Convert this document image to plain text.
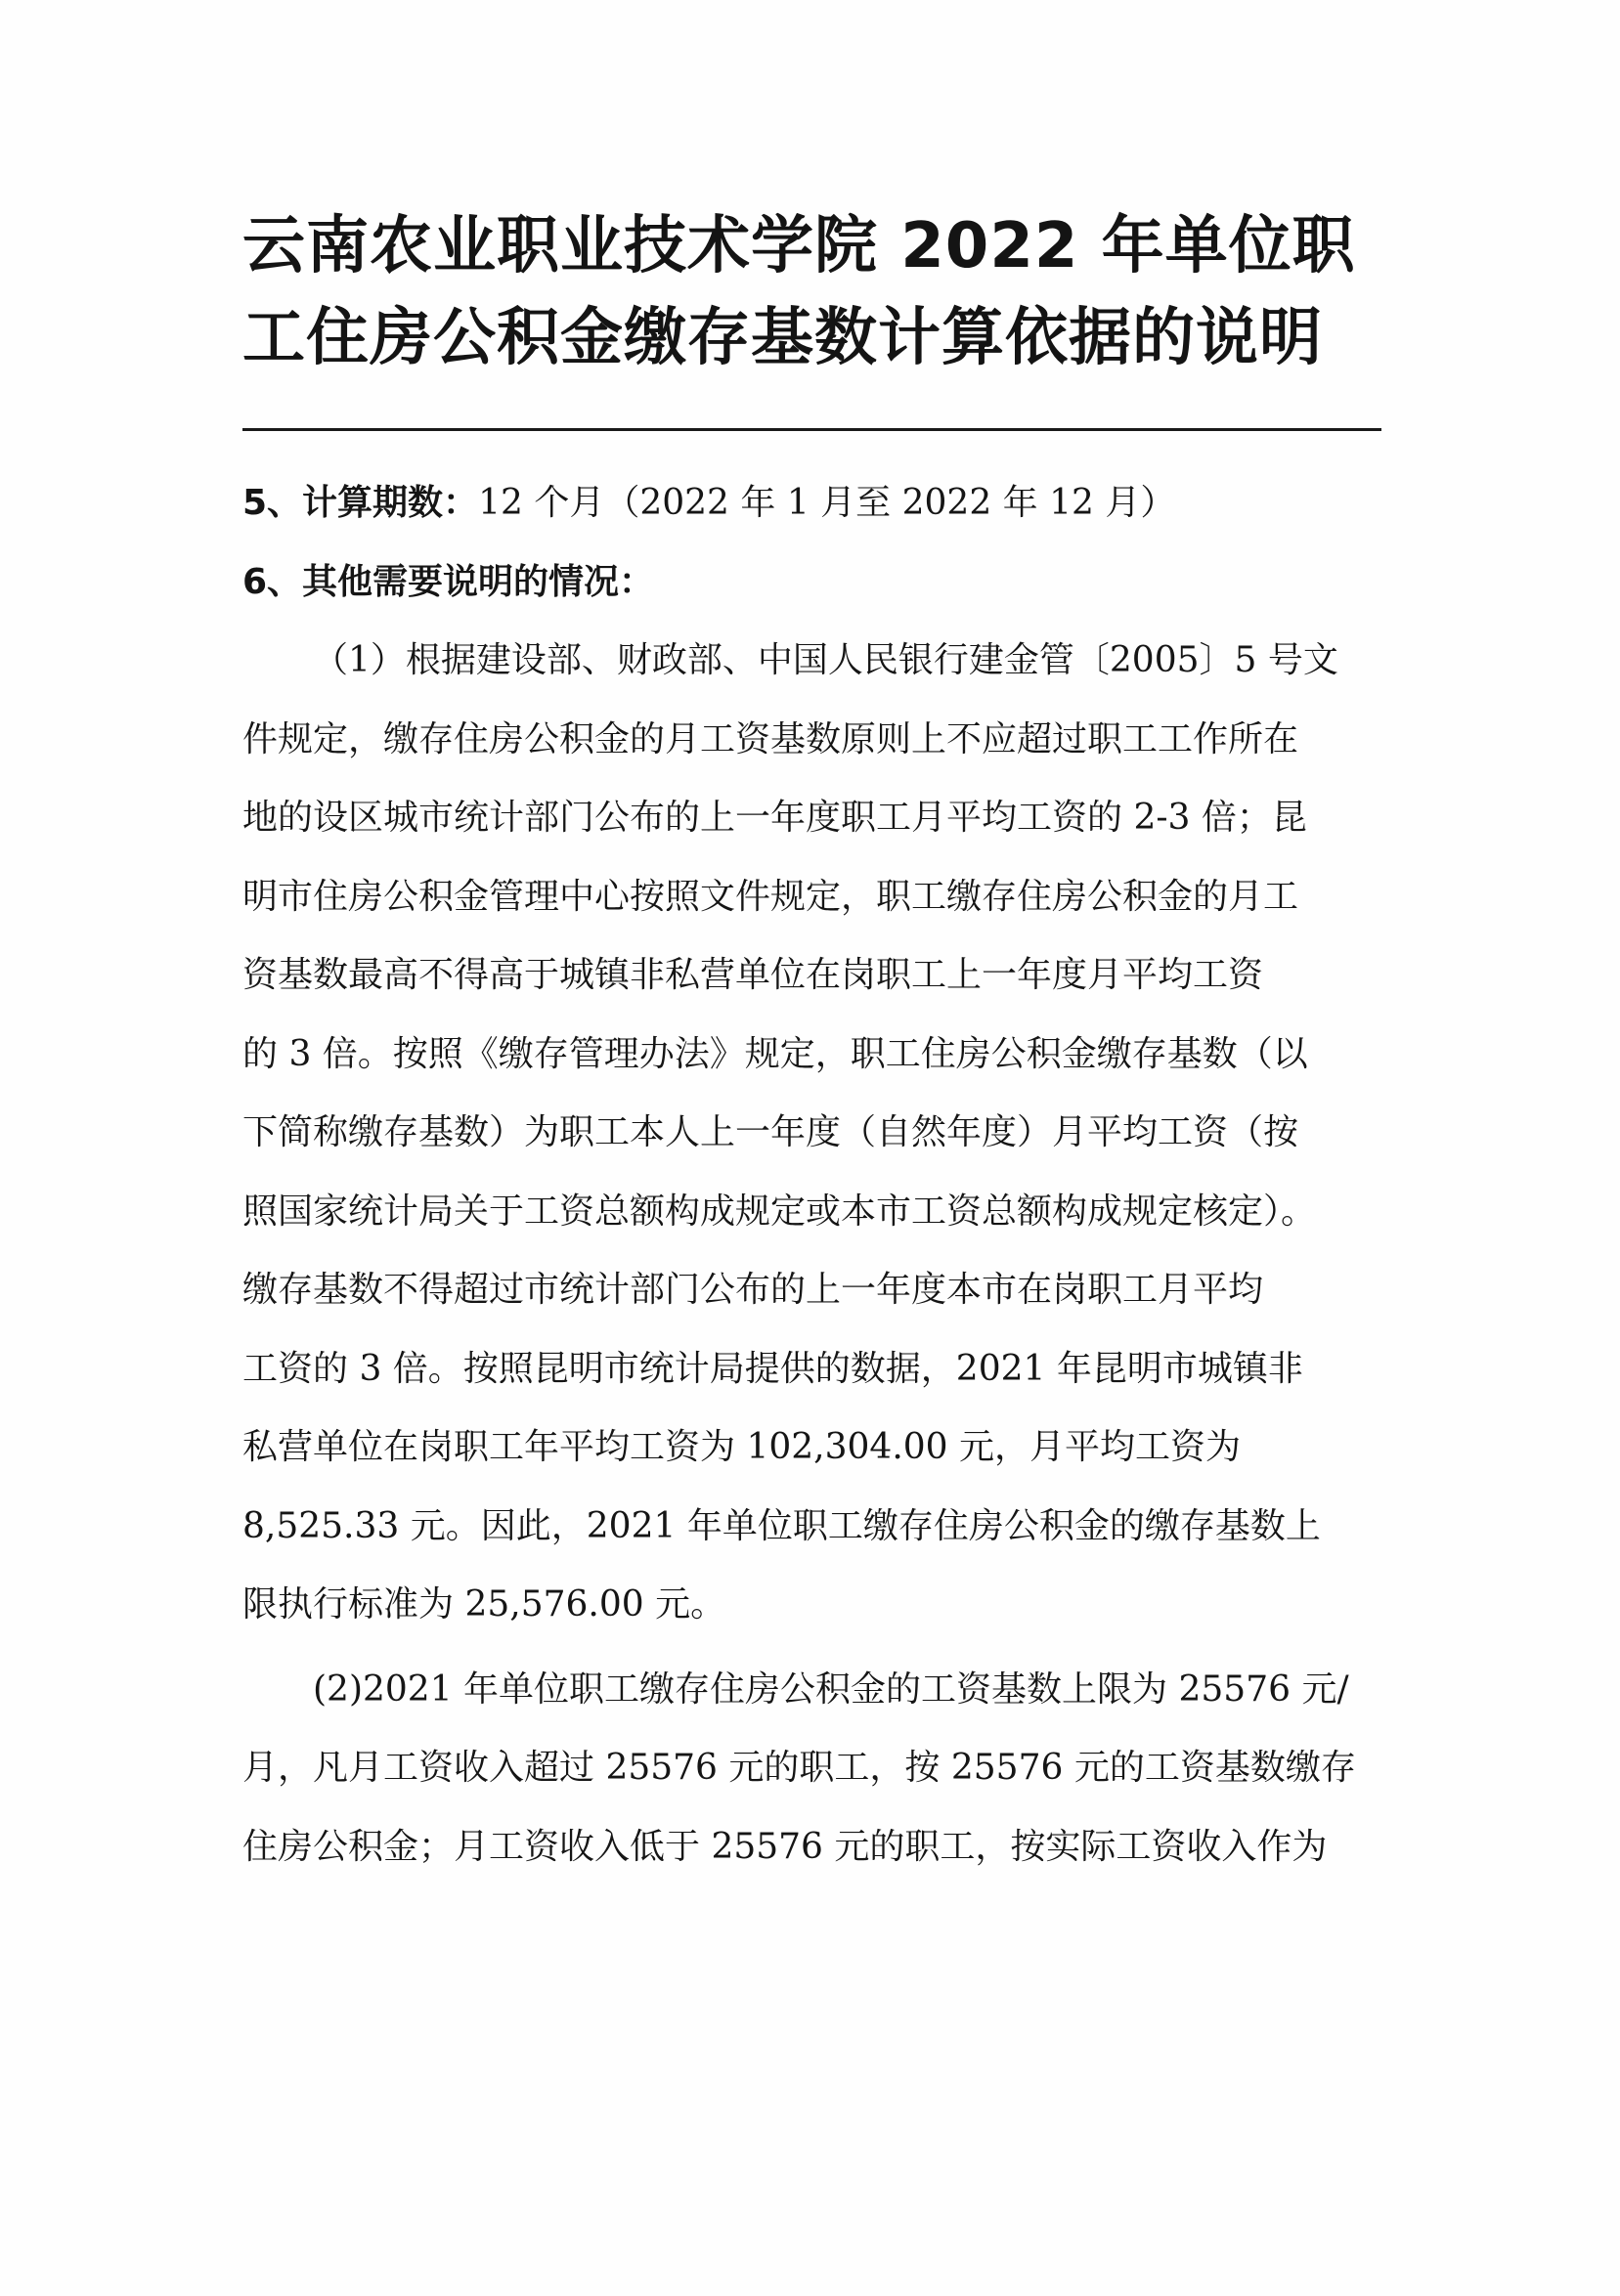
云南农业职业技术学院 2022 年单位职
工住房公积金缴存基数计算依据的说明
5、计算期数：12 个月（2022 年 1 月至 2022 年 12 月）
6、其他需要说明的情况：
（1）根据建设部、财政部、中国人民银行建金管〔2005〕5 号文
件规定，缴存住房公积金的月工资基数原则上不应超过职工工作所在
地的设区城市统计部门公布的上一年度职工月平均工资的 2-3 倍；昆
明市住房公积金管理中心按照文件规定，职工缴存住房公积金的月工
资基数最高不得高于城镇非私营单位在岗职工上一年度月平均工资
的 3 倍。按照《缴存管理办法》规定，职工住房公积金缴存基数（以
下简称缴存基数）为职工本人上一年度（自然年度）月平均工资（按
照国家统计局关于工资总额构成规定或本市工资总额构成规定核定）。
缴存基数不得超过市统计部门公布的上一年度本市在岗职工月平均
工资的 3 倍。按照昆明市统计局提供的数据，2021 年昆明市城镇非
私营单位在岗职工年平均工资为 102,304.00 元，月平均工资为
8,525.33 元。因此，2021 年单位职工缴存住房公积金的缴存基数上
限执行标准为 25,576.00 元。
(2)2021 年单位职工缴存住房公积金的工资基数上限为 25576 元/
月，凡月工资收入超过 25576 元的职工，按 25576 元的工资基数缴存
住房公积金；月工资收入低于 25576 元的职工，按实际工资收入作为
